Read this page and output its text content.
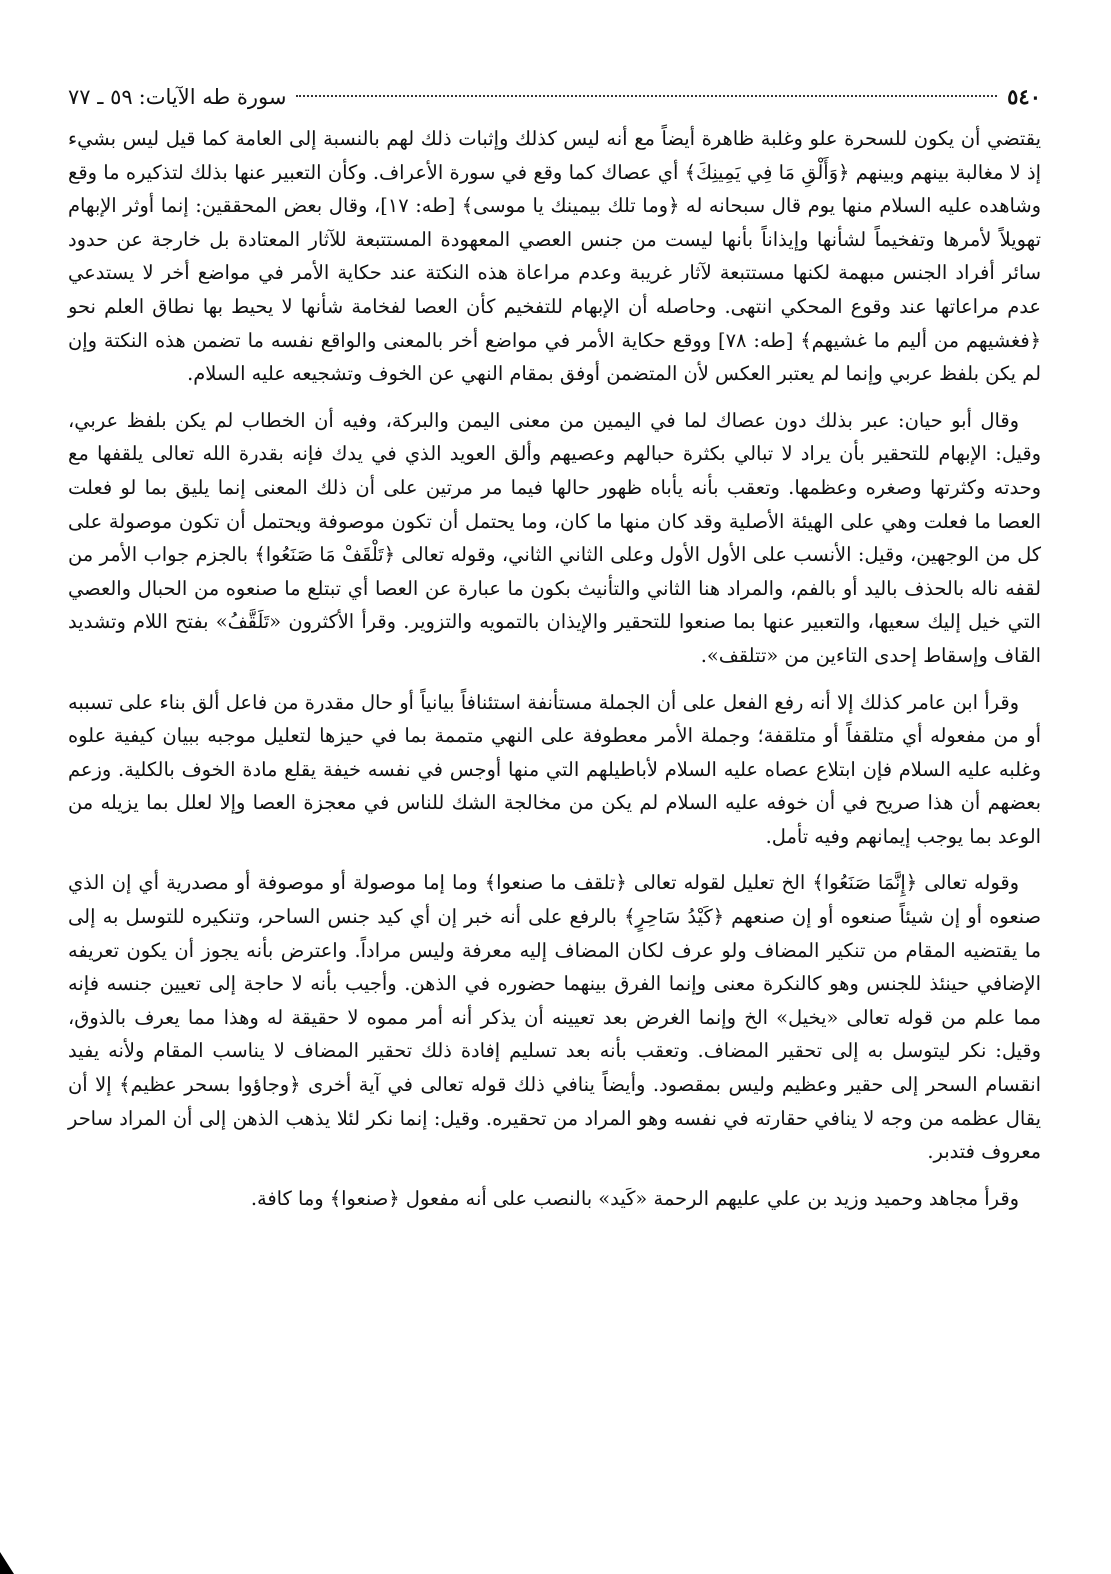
٥٤٠
سورة طه الآيات:
٥٩ ـ ٧٧

يقتضي أن يكون للسحرة علو وغلبة ظاهرة أيضاً مع أنه ليس كذلك وإثبات ذلك لهم بالنسبة إلى العامة كما قيل ليس بشيء إذ لا مغالبة بينهم وبينهم ﴿وَأَلْقِ مَا فِي يَمِينِكَ﴾ أي عصاك كما وقع في سورة الأعراف. وكأن التعبير عنها بذلك لتذكيره ما وقع وشاهده عليه السلام منها يوم قال سبحانه له ﴿وما تلك بيمينك يا موسى﴾ [طه: ١٧]، وقال بعض المحققين: إنما أوثر الإبهام تهويلاً لأمرها وتفخيماً لشأنها وإيذاناً بأنها ليست من جنس العصي المعهودة المستتبعة للآثار المعتادة بل خارجة عن حدود سائر أفراد الجنس مبهمة لكنها مستتبعة لآثار غريبة وعدم مراعاة هذه النكتة عند حكاية الأمر في مواضع أخر لا يستدعي عدم مراعاتها عند وقوع المحكي انتهى. وحاصله أن الإبهام للتفخيم كأن العصا لفخامة شأنها لا يحيط بها نطاق العلم نحو ﴿فغشيهم من أليم ما غشيهم﴾ [طه: ٧٨] ووقع حكاية الأمر في مواضع أخر بالمعنى والواقع نفسه ما تضمن هذه النكتة وإن لم يكن بلفظ عربي وإنما لم يعتبر العكس لأن المتضمن أوفق بمقام النهي عن الخوف وتشجيعه عليه السلام.

وقال أبو حيان: عبر بذلك دون عصاك لما في اليمين من معنى اليمن والبركة، وفيه أن الخطاب لم يكن بلفظ عربي، وقيل: الإبهام للتحقير بأن يراد لا تبالي بكثرة حبالهم وعصيهم وألق العويد الذي في يدك فإنه بقدرة الله تعالى يلقفها مع وحدته وكثرتها وصغره وعظمها. وتعقب بأنه يأباه ظهور حالها فيما مر مرتين على أن ذلك المعنى إنما يليق بما لو فعلت العصا ما فعلت وهي على الهيئة الأصلية وقد كان منها ما كان، وما يحتمل أن تكون موصوفة ويحتمل أن تكون موصولة على كل من الوجهين، وقيل: الأنسب على الأول الأول وعلى الثاني الثاني، وقوله تعالى ﴿تَلْقَفْ مَا صَنَعُوا﴾ بالجزم جواب الأمر من لقفه ناله بالحذف باليد أو بالفم، والمراد هنا الثاني والتأنيث بكون ما عبارة عن العصا أي تبتلع ما صنعوه من الحبال والعصي التي خيل إليك سعيها، والتعبير عنها بما صنعوا للتحقير والإيذان بالتمويه والتزوير. وقرأ الأكثرون «تَلَقَّفُ» بفتح اللام وتشديد القاف وإسقاط إحدى التاءين من «تتلقف».

وقرأ ابن عامر كذلك إلا أنه رفع الفعل على أن الجملة مستأنفة استئنافاً بيانياً أو حال مقدرة من فاعل ألق بناء على تسببه أو من مفعوله أي متلقفاً أو متلقفة؛ وجملة الأمر معطوفة على النهي متممة بما في حيزها لتعليل موجبه ببيان كيفية علوه وغلبه عليه السلام فإن ابتلاع عصاه عليه السلام لأباطيلهم التي منها أوجس في نفسه خيفة يقلع مادة الخوف بالكلية. وزعم بعضهم أن هذا صريح في أن خوفه عليه السلام لم يكن من مخالجة الشك للناس في معجزة العصا وإلا لعلل بما يزيله من الوعد بما يوجب إيمانهم وفيه تأمل.

وقوله تعالى ﴿إِنَّمَا صَنَعُوا﴾ الخ تعليل لقوله تعالى ﴿تلقف ما صنعوا﴾ وما إما موصولة أو موصوفة أو مصدرية أي إن الذي صنعوه أو إن شيئاً صنعوه أو إن صنعهم ﴿كَيْدُ سَاحِرٍ﴾ بالرفع على أنه خبر إن أي كيد جنس الساحر، وتنكيره للتوسل به إلى ما يقتضيه المقام من تنكير المضاف ولو عرف لكان المضاف إليه معرفة وليس مراداً. واعترض بأنه يجوز أن يكون تعريفه الإضافي حينئذ للجنس وهو كالنكرة معنى وإنما الفرق بينهما حضوره في الذهن. وأجيب بأنه لا حاجة إلى تعيين جنسه فإنه مما علم من قوله تعالى «يخيل» الخ وإنما الغرض بعد تعيينه أن يذكر أنه أمر مموه لا حقيقة له وهذا مما يعرف بالذوق، وقيل: نكر ليتوسل به إلى تحقير المضاف. وتعقب بأنه بعد تسليم إفادة ذلك تحقير المضاف لا يناسب المقام ولأنه يفيد انقسام السحر إلى حقير وعظيم وليس بمقصود. وأيضاً ينافي ذلك قوله تعالى في آية أخرى ﴿وجاؤوا بسحر عظيم﴾ إلا أن يقال عظمه من وجه لا ينافي حقارته في نفسه وهو المراد من تحقيره. وقيل: إنما نكر لئلا يذهب الذهن إلى أن المراد ساحر معروف فتدبر.

وقرأ مجاهد وحميد وزيد بن علي عليهم الرحمة «كَيد» بالنصب على أنه مفعول ﴿صنعوا﴾ وما كافة.
